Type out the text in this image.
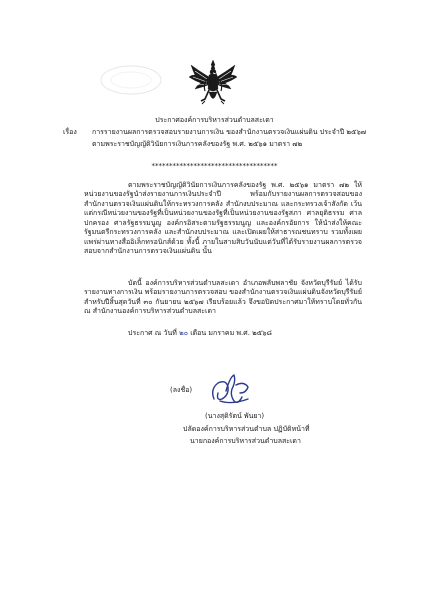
ประกาศองค์การบริหารส่วนตำบลสะเดา
เรื่อง การรายงานผลการตรวจสอบรายงานการเงิน ของสำนักงานตรวจเงินแผ่นดิน ประจำปี ๒๕๖๗
ตามพระราชบัญญัติวินัยการเงินการคลังของรัฐ พ.ศ. ๒๕๖๑ มาตรา ๗๒
************************************
ตามพระราชบัญญัติวินัยการเงินการคลังของรัฐ พ.ศ. ๒๕๖๑ มาตรา ๗๒ ให้หน่วยงานของรัฐนำส่งรายงานการเงินประจำปี พร้อมกับรายงานผลการตรวจสอบของสำนักงานตรวจเงินแผ่นดินให้กระทรวงการคลัง สำนักงบประมาณ และกระทรวงเจ้าสังกัด เว้นแต่กรณีหน่วยงานของรัฐที่เป็นหน่วยงานของรัฐที่เป็นหน่วยงานของรัฐสภา ศาลยุติธรรม ศาลปกครอง ศาลรัฐธรรมนูญ องค์กรอิสระตามรัฐธรรมนูญ และองค์กรอัยการ ให้นำส่งให้คณะรัฐมนตรีกระทรวงการคลัง และสำนักงบประมาณ และเปิดเผยให้สาธารณชนทราบ รวมทั้งเผยแพร่ผ่านทางสื่ออิเล็กทรอนิกส์ด้วย ทั้งนี้ ภายในสามสิบวันนับแต่วันที่ได้รับรายงานผลการตรวจสอบจากสำนักงานการตรวจเงินแผ่นดิน นั้น
บัดนี้ องค์การบริหารส่วนตำบลสะเดา อำเภอพลับพลาชัย จังหวัดบุรีรัมย์ ได้รับรายงานทางการเงิน พร้อมรายงานการตรวจสอบ ของสำนักงานตรวจเงินแผ่นดินจังหวัดบุรีรัมย์ สำหรับปีสิ้นสุดวันที่ ๓๐ กันยายน ๒๕๖๗ เรียบร้อยแล้ว จึงขอปิดประกาศมาให้ทราบโดยทั่วกัน ณ สำนักงานองค์การบริหารส่วนตำบลสะเดา
ประกาศ ณ วันที่ ๒๐ เดือน มกราคม พ.ศ. ๒๕๖๘
(ลงชื่อ)
(นางสุดิรัตน์ พันยา)
ปลัดองค์การบริหารส่วนตำบล ปฏิบัติหน้าที่
นายกองค์การบริหารส่วนตำบลสะเดา
